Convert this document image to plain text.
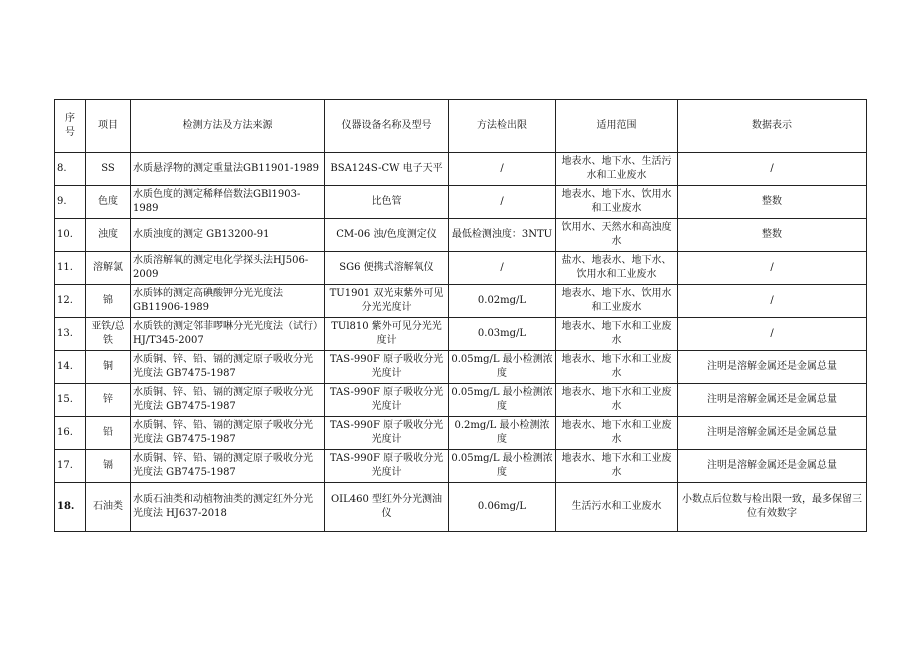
序
号	项目	检测方法及方法来源	仪器设备名称及型号	方法检出限	适用范围	数据表示
8.	SS	水质悬浮物的测定重量法GB11901-1989	BSA124S-CW 电子天平	/	地表水、地下水、生活污水和工业废水	/
9.	色度	水质色度的测定稀释倍数法GBl1903-1989	比色管	/	地表水、地下水、饮用水和工业废水	整数
10.	浊度	水质浊度的测定 GB13200-91	CM-06 浊/色度测定仪	最低检测浊度：3NTU	饮用水、天然水和高浊度水	整数
11.	溶解氯	水质溶解氧的测定电化学探头法HJ506-2009	SG6 便携式溶解氧仪	/	盐水、地表水、地下水、饮用水和工业废水	/
12.	锦	水质钵的测定高碘酸钾分光光度法GB11906-1989	TU1901 双光束紫外可见分光光度计	0.02mg/L	地表水、地下水、饮用水和工业废水	/
13.	亚铁/总铁	水质铁的测定邻菲啰啉分光光度法（试行）HJ/T345-2007	TUl810 紫外可见分光光度计	0.03mg/L	地表水、地下水和工业废水	/
14.	铜	水质铜、锌、铅、镉的测定原子吸收分光光度法 GB7475-1987	TAS-990F 原子吸收分光光度计	0.05mg/L 最小检测浓度	地表水、地下水和工业废水	注明是溶解金属还是金属总量
15.	锌	水质铜、锌、铅、镉的测定原子吸收分光光度法 GB7475-1987	TAS-990F 原子吸收分光光度计	0.05mg/L 最小检测浓度	地表水、地下水和工业废水	注明是溶解金属还是金属总量
16.	铅	水质铜、锌、铅、镉的测定原子吸收分光光度法 GB7475-1987	TAS-990F 原子吸收分光光度计	0.2mg/L 最小检测浓度	地表水、地下水和工业废水	注明是溶解金属还是金属总量
17.	镉	水质铜、锌、铅、镉的测定原子吸收分光光度法 GB7475-1987	TAS-990F 原子吸收分光光度计	0.05mg/L 最小检测浓度	地表水、地下水和工业废水	注明是溶解金属还是金属总量
18.	石油类	水质石油类和动植物油类的测定红外分光光度法 HJ637-2018	OIL460 型红外分光测油仪	0.06mg/L	生活污水和工业废水	小数点后位数与检出限一致，最多保留三位有效数字
